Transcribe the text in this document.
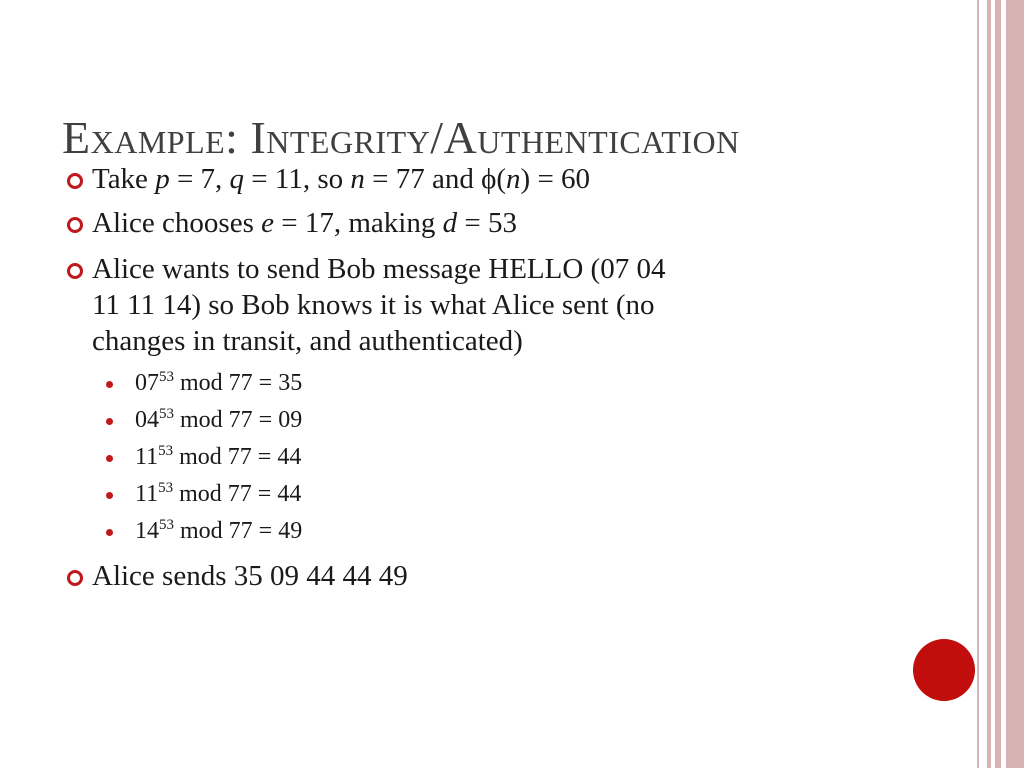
Example: Integrity/Authentication
Take p = 7, q = 11, so n = 77 and ϕ(n) = 60
Alice chooses e = 17, making d = 53
Alice wants to send Bob message HELLO (07 04
11 11 14) so Bob knows it is what Alice sent (no
changes in transit, and authenticated)
$07^{53}$ mod 77 = 35
$04^{53}$ mod 77 = 09
$11^{53}$ mod 77 = 44
$11^{53}$ mod 77 = 44
$14^{53}$ mod 77 = 49
Alice sends 35 09 44 44 49
